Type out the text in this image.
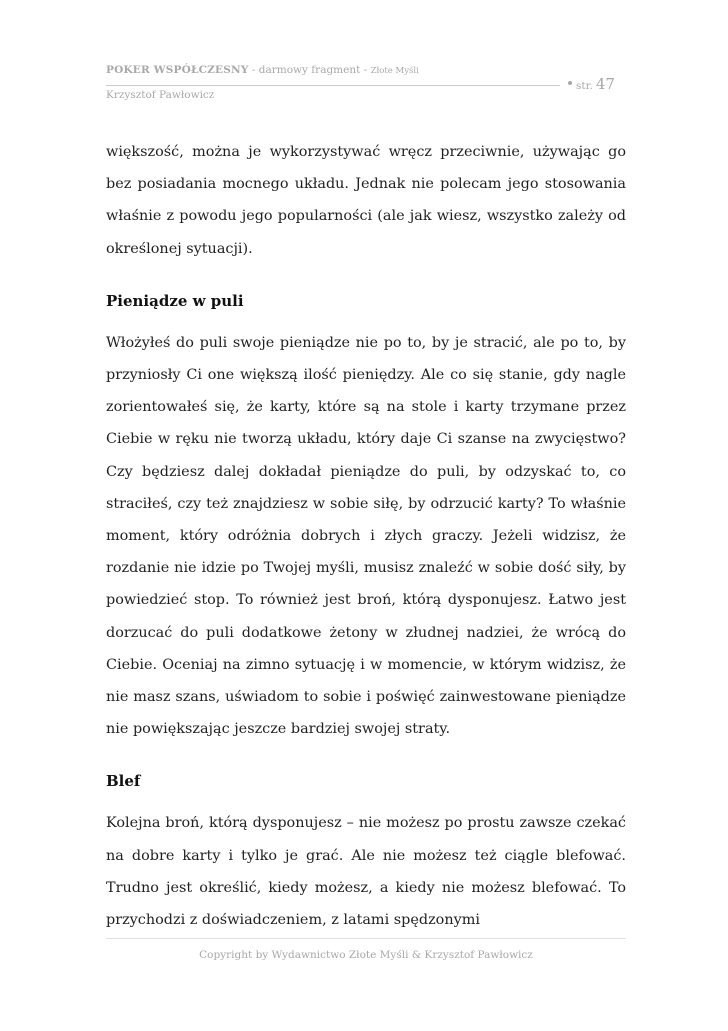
POKER WSPÓŁCZESNY - darmowy fragment - Złote Myśli
Krzysztof Pawłowicz
str. 47

większość, można je wykorzystywać wręcz przeciwnie, używając go bez posiadania mocnego układu. Jednak nie polecam jego stosowania właśnie z powodu jego popularności (ale jak wiesz, wszystko zależy od określonej sytuacji).

Pieniądze w puli

Włożyłeś do puli swoje pieniądze nie po to, by je stracić, ale po to, by przyniosły Ci one większą ilość pieniędzy. Ale co się stanie, gdy nagle zorientowałeś się, że karty, które są na stole i karty trzymane przez Ciebie w ręku nie tworzą układu, który daje Ci szanse na zwycięstwo? Czy będziesz dalej dokładał pieniądze do puli, by odzyskać to, co straciłeś, czy też znajdziesz w sobie siłę, by odrzucić karty? To właśnie moment, który odróżnia dobrych i złych graczy. Jeżeli widzisz, że rozdanie nie idzie po Twojej myśli, musisz znaleźć w sobie dość siły, by powiedzieć stop. To również jest broń, którą dysponujesz. Łatwo jest dorzucać do puli dodatkowe żetony w złudnej nadziei, że wrócą do Ciebie. Oceniaj na zimno sytuację i w momencie, w którym widzisz, że nie masz szans, uświadom to sobie i poświęć zainwestowane pieniądze nie powiększając jeszcze bardziej swojej straty.

Blef

Kolejna broń, którą dysponujesz – nie możesz po prostu zawsze czekać na dobre karty i tylko je grać. Ale nie możesz też ciągle blefować. Trudno jest określić, kiedy możesz, a kiedy nie możesz blefować. To przychodzi z doświadczeniem, z latami spędzonymi

Copyright by Wydawnictwo Złote Myśli & Krzysztof Pawłowicz
